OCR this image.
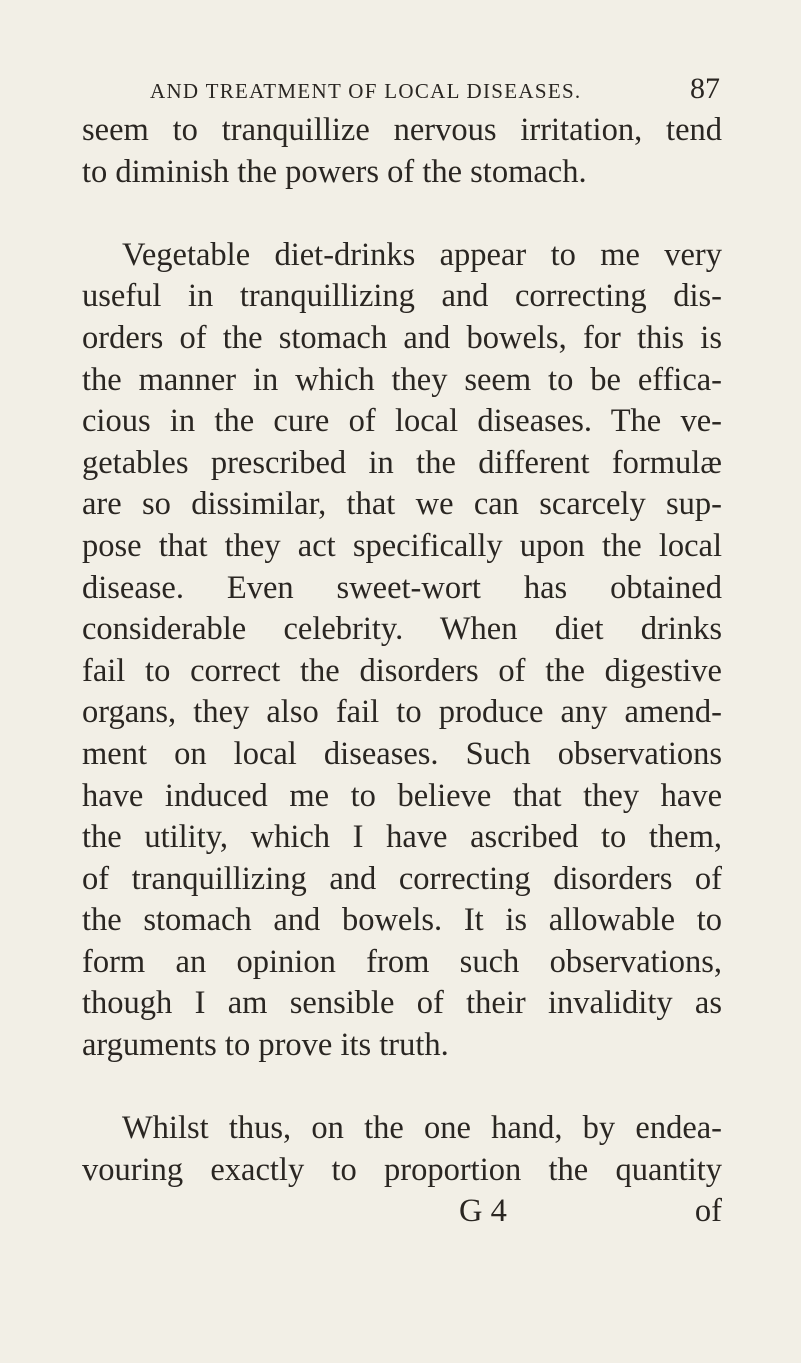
AND TREATMENT OF LOCAL DISEASES.	87
seem to tranquillize nervous irritation, tend
to diminish the powers of the stomach.
Vegetable diet-drinks appear to me very
useful in tranquillizing and correcting dis-
orders of the stomach and bowels, for this is
the manner in which they seem to be effica-
cious in the cure of local diseases. The ve-
getables prescribed in the different formulæ
are so dissimilar, that we can scarcely sup-
pose that they act specifically upon the local
disease. Even sweet-wort has obtained
considerable celebrity. When diet drinks
fail to correct the disorders of the digestive
organs, they also fail to produce any amend-
ment on local diseases. Such observations
have induced me to believe that they have
the utility, which I have ascribed to them,
of tranquillizing and correcting disorders of
the stomach and bowels. It is allowable to
form an opinion from such observations,
though I am sensible of their invalidity as
arguments to prove its truth.
Whilst thus, on the one hand, by endea-
vouring exactly to proportion the quantity
G 4	of
